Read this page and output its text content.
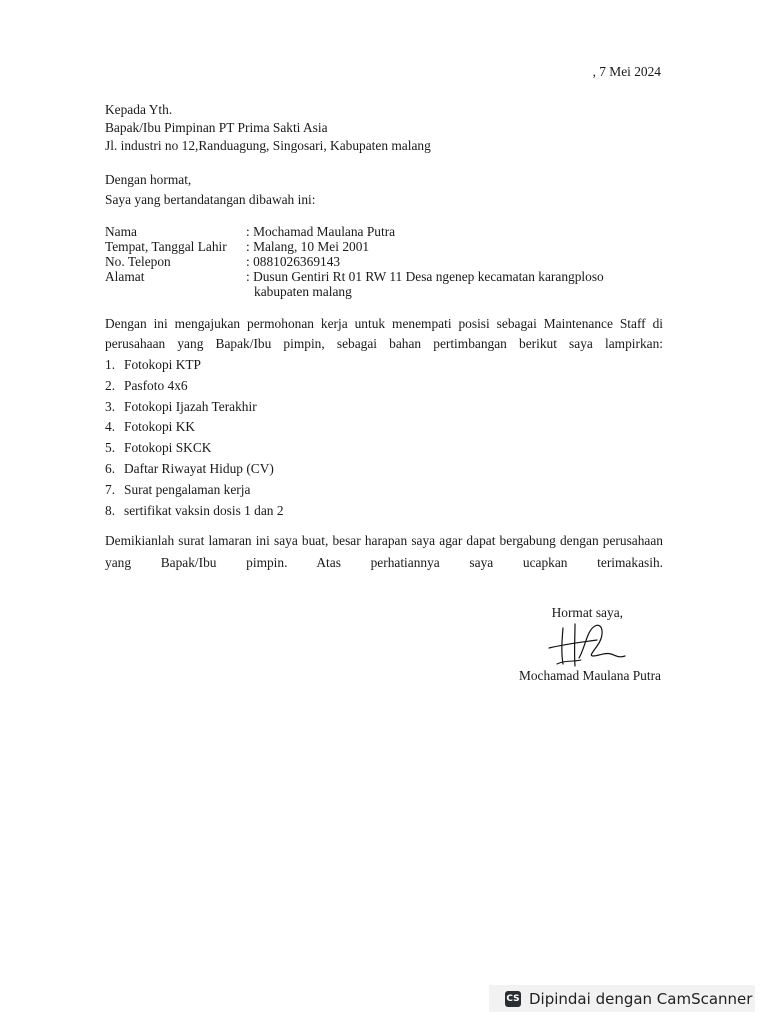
, 7 Mei 2024
Kepada Yth.
Bapak/Ibu Pimpinan PT Prima Sakti Asia
Jl. industri no 12,Randuagung, Singosari, Kabupaten malang
Dengan hormat,
Saya yang bertandatangan dibawah ini:
Nama	: Mochamad Maulana Putra
Tempat, Tanggal Lahir	: Malang, 10 Mei 2001
No. Telepon	: 0881026369143
Alamat	: Dusun Gentiri Rt 01 RW 11 Desa ngenep kecamatan karangploso
kabupaten malang
Dengan ini mengajukan permohonan kerja untuk menempati posisi sebagai Maintenance Staff di perusahaan yang Bapak/Ibu pimpin, sebagai bahan pertimbangan berikut saya lampirkan:
1. Fotokopi KTP
2. Pasfoto 4x6
3. Fotokopi Ijazah Terakhir
4. Fotokopi KK
5. Fotokopi SKCK
6. Daftar Riwayat Hidup (CV)
7. Surat pengalaman kerja
8. sertifikat vaksin dosis 1 dan 2
Demikianlah surat lamaran ini saya buat, besar harapan saya agar dapat bergabung dengan perusahaan yang Bapak/Ibu pimpin. Atas perhatiannya saya ucapkan terimakasih.
Hormat saya,
Mochamad Maulana Putra
CS Dipindai dengan CamScanner
